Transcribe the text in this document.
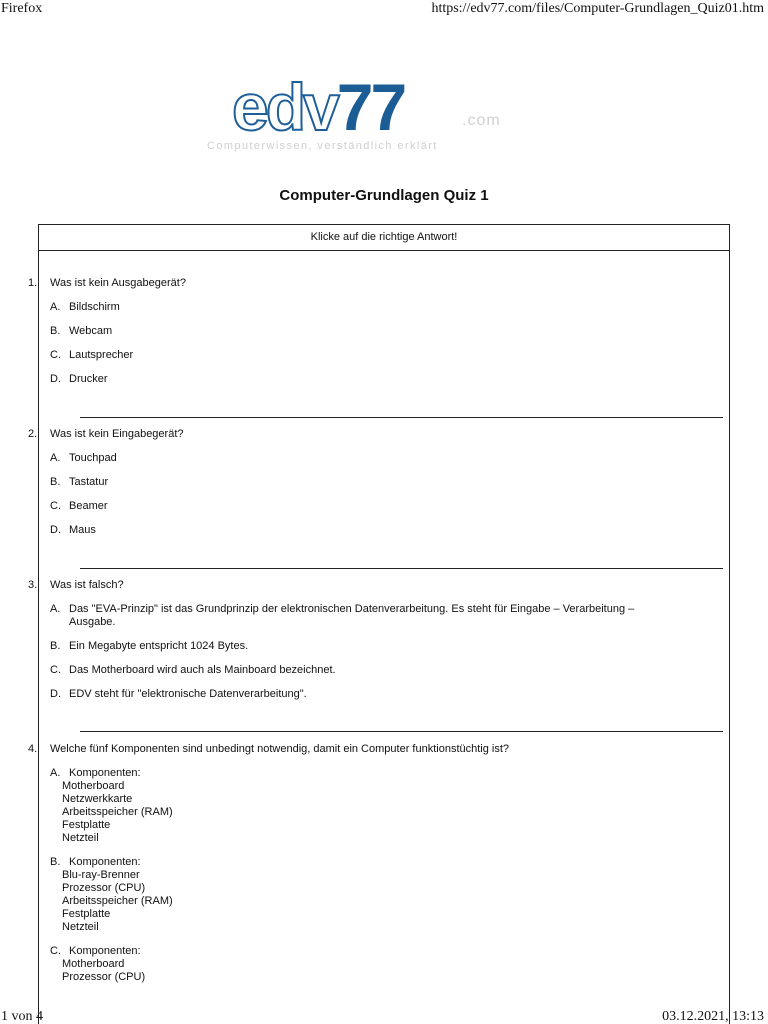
Firefox	https://edv77.com/files/Computer-Grundlagen_Quiz01.htm
edv77	.com
Computerwissen, verständlich erklärt
Computer-Grundlagen Quiz 1
Klicke auf die richtige Antwort!
1. Was ist kein Ausgabegerät?
A. Bildschirm
B. Webcam
C. Lautsprecher
D. Drucker
2. Was ist kein Eingabegerät?
A. Touchpad
B. Tastatur
C. Beamer
D. Maus
3. Was ist falsch?
A. Das "EVA-Prinzip" ist das Grundprinzip der elektronischen Datenverarbeitung. Es steht für Eingabe – Verarbeitung –
Ausgabe.
B. Ein Megabyte entspricht 1024 Bytes.
C. Das Motherboard wird auch als Mainboard bezeichnet.
D. EDV steht für "elektronische Datenverarbeitung".
4. Welche fünf Komponenten sind unbedingt notwendig, damit ein Computer funktionstüchtig ist?
A. Komponenten:
Motherboard
Netzwerkkarte
Arbeitsspeicher (RAM)
Festplatte
Netzteil
B. Komponenten:
Blu-ray-Brenner
Prozessor (CPU)
Arbeitsspeicher (RAM)
Festplatte
Netzteil
C. Komponenten:
Motherboard
Prozessor (CPU)
1 von 4	03.12.2021, 13:13
